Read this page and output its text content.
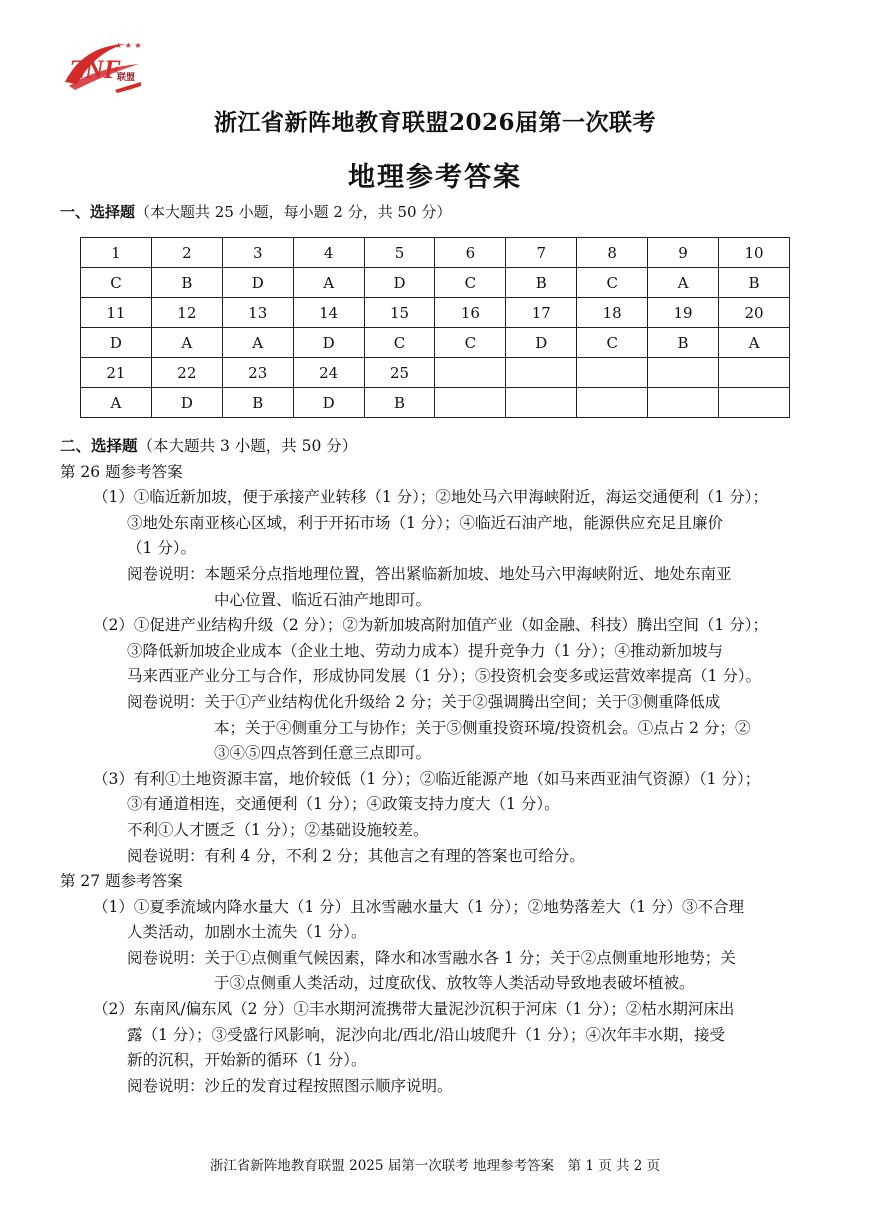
★ ★ ★
ZNF
联盟
浙江省新阵地教育联盟2026届第一次联考
地理参考答案
一、选择题（本大题共 25 小题，每小题 2 分，共 50 分）
1	2	3	4	5	6	7	8	9	10
C	B	D	A	D	C	B	C	A	B
11	12	13	14	15	16	17	18	19	20
D	A	A	D	C	C	D	C	B	A
21	22	23	24	25					
A	D	B	D	B					
二、选择题（本大题共 3 小题，共 50 分）
第 26 题参考答案
（1）①临近新加坡，便于承接产业转移（1 分）；②地处马六甲海峡附近，海运交通便利（1 分）；
③地处东南亚核心区域，利于开拓市场（1 分）；④临近石油产地，能源供应充足且廉价
（1 分）。
阅卷说明：本题采分点指地理位置，答出紧临新加坡、地处马六甲海峡附近、地处东南亚
中心位置、临近石油产地即可。
（2）①促进产业结构升级（2 分）；②为新加坡高附加值产业（如金融、科技）腾出空间（1 分）；
③降低新加坡企业成本（企业土地、劳动力成本）提升竞争力（1 分）；④推动新加坡与
马来西亚产业分工与合作，形成协同发展（1 分）；⑤投资机会变多或运营效率提高（1 分）。
阅卷说明：关于①产业结构优化升级给 2 分；关于②强调腾出空间；关于③侧重降低成
本；关于④侧重分工与协作；关于⑤侧重投资环境/投资机会。①点占 2 分；②
③④⑤四点答到任意三点即可。
（3）有利①土地资源丰富，地价较低（1 分）；②临近能源产地（如马来西亚油气资源）（1 分）；
③有通道相连，交通便利（1 分）；④政策支持力度大（1 分）。
不利①人才匮乏（1 分）；②基础设施较差。
阅卷说明：有利 4 分，不利 2 分；其他言之有理的答案也可给分。
第 27 题参考答案
（1）①夏季流域内降水量大（1 分）且冰雪融水量大（1 分）；②地势落差大（1 分）③不合理
人类活动，加剧水土流失（1 分）。
阅卷说明：关于①点侧重气候因素，降水和冰雪融水各 1 分；关于②点侧重地形地势；关
于③点侧重人类活动，过度砍伐、放牧等人类活动导致地表破坏植被。
（2）东南风/偏东风（2 分）①丰水期河流携带大量泥沙沉积于河床（1 分）；②枯水期河床出
露（1 分）；③受盛行风影响，泥沙向北/西北/沿山坡爬升（1 分）；④次年丰水期，接受
新的沉积，开始新的循环（1 分）。
阅卷说明：沙丘的发育过程按照图示顺序说明。
浙江省新阵地教育联盟 2025 届第一次联考 地理参考答案　第 1 页 共 2 页
